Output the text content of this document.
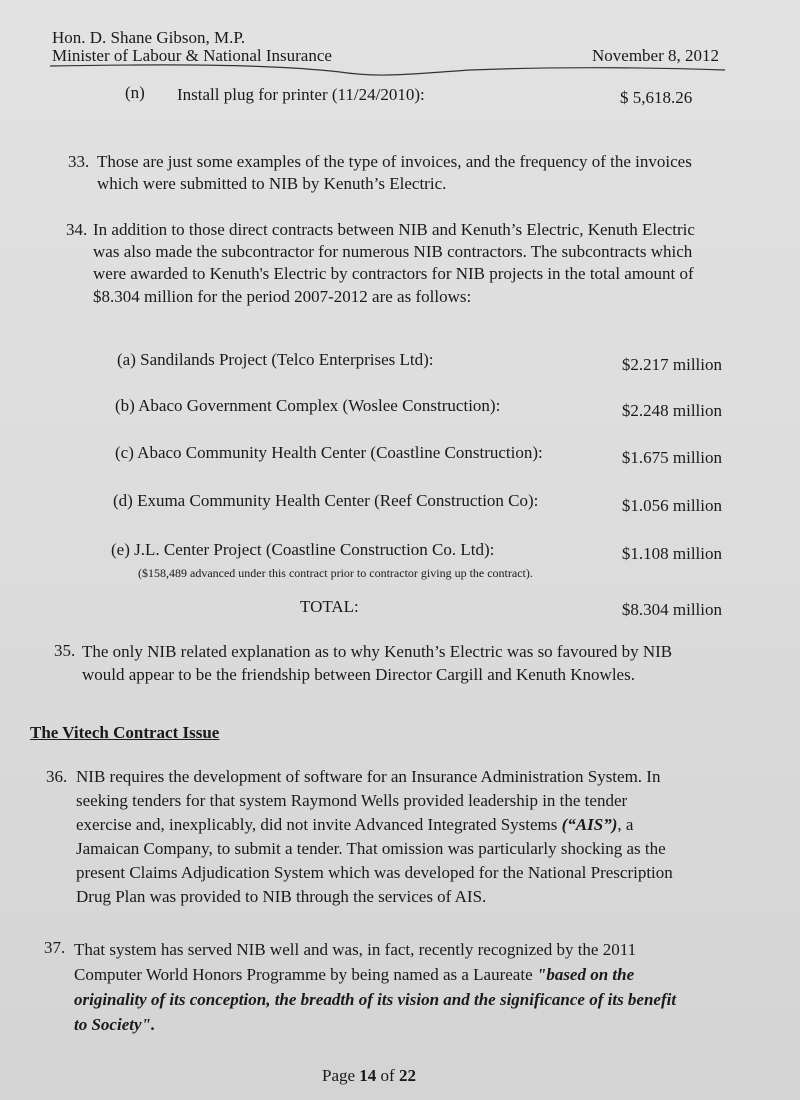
Hon. D. Shane Gibson, M.P.
Minister of Labour & National Insurance	November 8, 2012
(n) Install plug for printer (11/24/2010):	$ 5,618.26
33. Those are just some examples of the type of invoices, and the frequency of the invoices
which were submitted to NIB by Kenuth’s Electric.
34. In addition to those direct contracts between NIB and Kenuth’s Electric, Kenuth Electric
was also made the subcontractor for numerous NIB contractors. The subcontracts which
were awarded to Kenuth's Electric by contractors for NIB projects in the total amount of
$8.304 million for the period 2007-2012 are as follows:
(a) Sandilands Project (Telco Enterprises Ltd):	$2.217 million
(b) Abaco Government Complex (Woslee Construction):	$2.248 million
(c) Abaco Community Health Center (Coastline Construction):	$1.675 million
(d) Exuma Community Health Center (Reef Construction Co):	$1.056 million
(e) J.L. Center Project (Coastline Construction Co. Ltd):	$1.108 million
($158,489 advanced under this contract prior to contractor giving up the contract).
TOTAL:	$8.304 million
35. The only NIB related explanation as to why Kenuth’s Electric was so favoured by NIB
would appear to be the friendship between Director Cargill and Kenuth Knowles.
The Vitech Contract Issue
36. NIB requires the development of software for an Insurance Administration System. In
seeking tenders for that system Raymond Wells provided leadership in the tender
exercise and, inexplicably, did not invite Advanced Integrated Systems (“AIS”), a
Jamaican Company, to submit a tender. That omission was particularly shocking as the
present Claims Adjudication System which was developed for the National Prescription
Drug Plan was provided to NIB through the services of AIS.
37. That system has served NIB well and was, in fact, recently recognized by the 2011
Computer World Honors Programme by being named as a Laureate "based on the
originality of its conception, the breadth of its vision and the significance of its benefit
to Society".
Page 14 of 22
